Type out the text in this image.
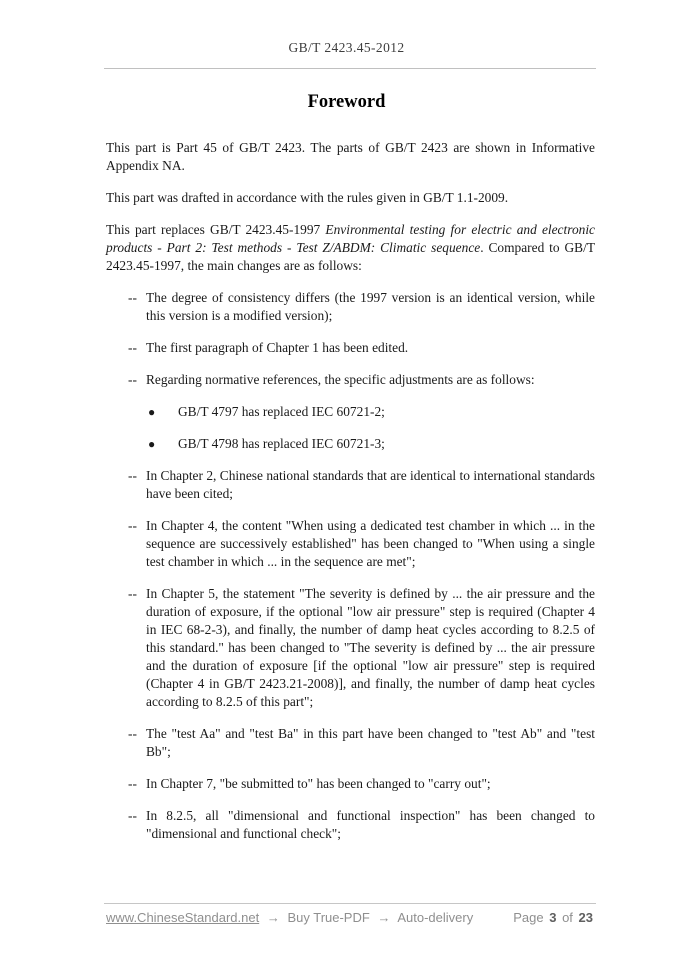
GB/T 2423.45-2012
Foreword

This part is Part 45 of GB/T 2423. The parts of GB/T 2423 are shown in Informative Appendix NA.

This part was drafted in accordance with the rules given in GB/T 1.1-2009.

This part replaces GB/T 2423.45-1997 Environmental testing for electric and electronic products - Part 2: Test methods - Test Z/ABDM: Climatic sequence. Compared to GB/T 2423.45-1997, the main changes are as follows:

-- The degree of consistency differs (the 1997 version is an identical version, while this version is a modified version);
-- The first paragraph of Chapter 1 has been edited.
-- Regarding normative references, the specific adjustments are as follows:
●	GB/T 4797 has replaced IEC 60721-2;
●	GB/T 4798 has replaced IEC 60721-3;
-- In Chapter 2, Chinese national standards that are identical to international standards have been cited;
-- In Chapter 4, the content "When using a dedicated test chamber in which ... in the sequence are successively established" has been changed to "When using a single test chamber in which ... in the sequence are met";
-- In Chapter 5, the statement "The severity is defined by ... the air pressure and the duration of exposure, if the optional "low air pressure" step is required (Chapter 4 in IEC 68-2-3), and finally, the number of damp heat cycles according to 8.2.5 of this standard." has been changed to "The severity is defined by ... the air pressure and the duration of exposure [if the optional "low air pressure" step is required (Chapter 4 in GB/T 2423.21-2008)], and finally, the number of damp heat cycles according to 8.2.5 of this part";
-- The "test Aa" and "test Ba" in this part have been changed to "test Ab" and "test Bb";
-- In Chapter 7, "be submitted to" has been changed to "carry out";
-- In 8.2.5, all "dimensional and functional inspection" has been changed to "dimensional and functional check";
www.ChineseStandard.net → Buy True-PDF → Auto-delivery	Page 3 of 23
